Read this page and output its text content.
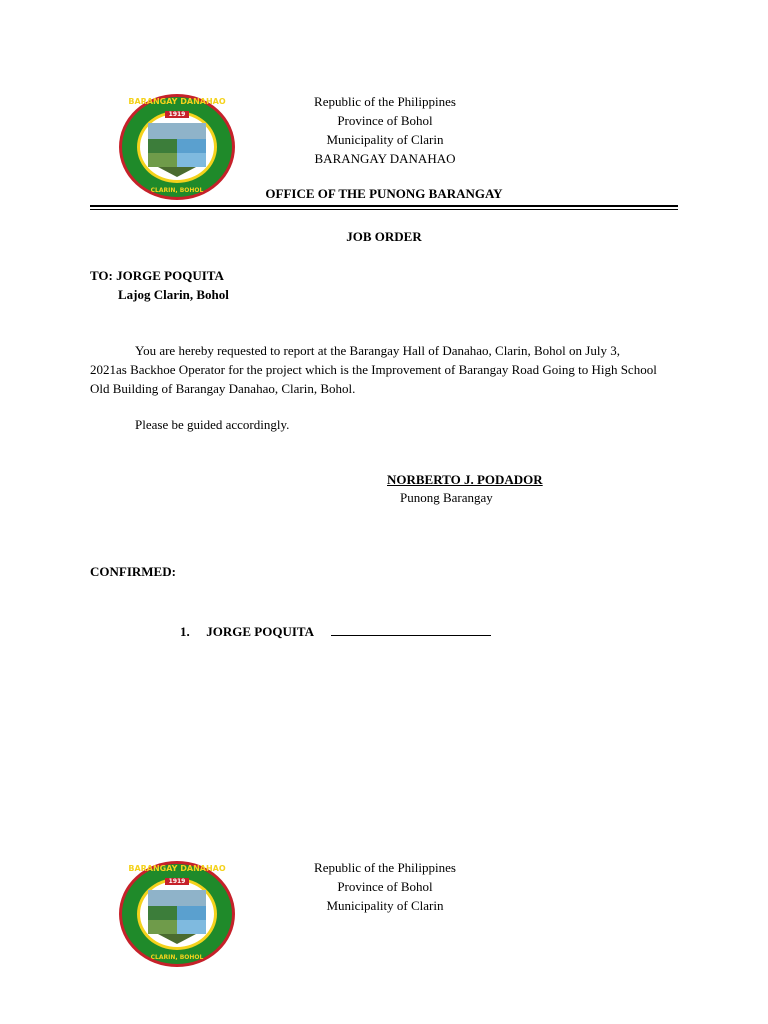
BARANGAY DANAHAO
1919
CLARIN, BOHOL
Republic of the Philippines
Province of Bohol
Municipality of Clarin
BARANGAY DANAHAO
OFFICE OF THE PUNONG BARANGAY
JOB ORDER
TO: JORGE POQUITA
Lajog Clarin, Bohol
You are hereby requested to report at the Barangay Hall of Danahao, Clarin, Bohol on July 3, 2021as Backhoe Operator for the project which is the Improvement of Barangay Road Going to High School Old Building of Barangay Danahao, Clarin, Bohol.
Please be guided accordingly.
NORBERTO J. PODADOR
Punong Barangay
CONFIRMED:
1. JORGE POQUITA
BARANGAY DANAHAO
1919
CLARIN, BOHOL
Republic of the Philippines
Province of Bohol
Municipality of Clarin
